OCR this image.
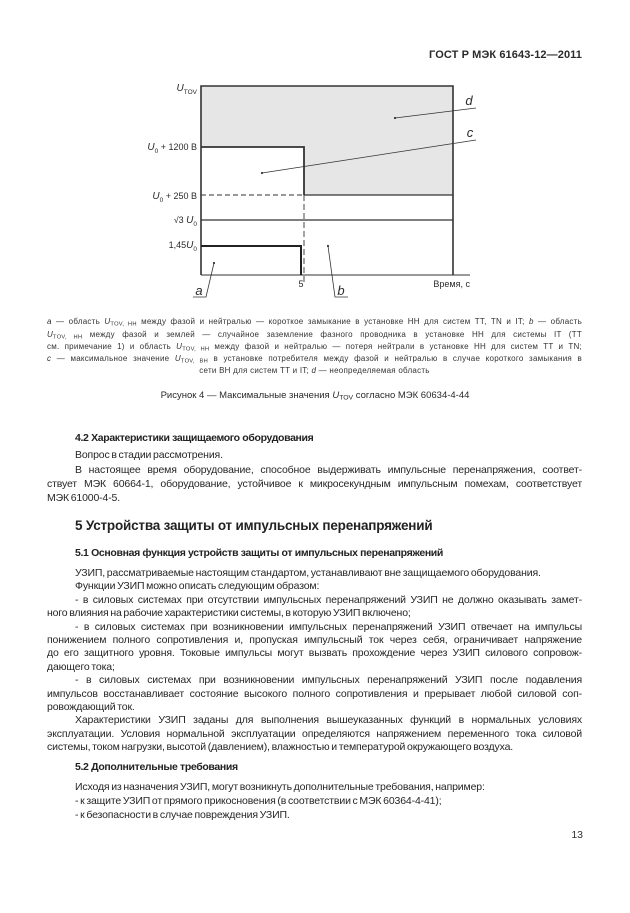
ГОСТ Р МЭК 61643-12—2011
$U_{TOV}$
$U_0 + 1200$ В
$U_0 + 250$ В
√3 $U_0$
$1,45U_0$
5	Время, с
a	b
c
d
a — область $U_{TOV, НН}$ между фазой и нейтралью — короткое замыкание в установке НН для систем TT, TN и IT; b — область
$U_{TOV, НН}$ между фазой и землей — случайное заземление фазного проводника в установке НН для системы IT (TT
см. примечание 1) и область $U_{TOV, НН}$ между фазой и нейтралью — потеря нейтрали в установке НН для систем TT и TN;
c — максимальное значение $U_{TOV, ВН}$ в установке потребителя между фазой и нейтралью в случае короткого замыкания в
сети ВН для систем TT и IT; d — неопределяемая область
Рисунок 4 — Максимальные значения $U_{TOV}$ согласно МЭК 60634-4-44
4.2 Характеристики защищаемого оборудования
Вопрос в стадии рассмотрения.
В настоящее время оборудование, способное выдерживать импульсные перенапряжения, соответ-
ствует МЭК 60664-1, оборудование, устойчивое к микросекундным импульсным помехам, соответствует
МЭК 61000-4-5.
5 Устройства защиты от импульсных перенапряжений
5.1 Основная функция устройств защиты от импульсных перенапряжений
УЗИП, рассматриваемые настоящим стандартом, устанавливают вне защищаемого оборудования.
Функции УЗИП можно описать следующим образом:
- в силовых системах при отсутствии импульсных перенапряжений УЗИП не должно оказывать замет-
ного влияния на рабочие характеристики системы, в которую УЗИП включено;
- в силовых системах при возникновении импульсных перенапряжений УЗИП отвечает на импульсы
понижением полного сопротивления и, пропуская импульсный ток через себя, ограничивает напряжение
до его защитного уровня. Токовые импульсы могут вызвать прохождение через УЗИП силового сопровож-
дающего тока;
- в силовых системах при возникновении импульсных перенапряжений УЗИП после подавления
импульсов восстанавливает состояние высокого полного сопротивления и прерывает любой силовой соп-
ровождающий ток.
Характеристики УЗИП заданы для выполнения вышеуказанных функций в нормальных условиях
эксплуатации. Условия нормальной эксплуатации определяются напряжением переменного тока силовой
системы, током нагрузки, высотой (давлением), влажностью и температурой окружающего воздуха.
5.2 Дополнительные требования
Исходя из назначения УЗИП, могут возникнуть дополнительные требования, например:
- к защите УЗИП от прямого прикосновения (в соответствии с МЭК 60364-4-41);
- к безопасности в случае повреждения УЗИП.
13
